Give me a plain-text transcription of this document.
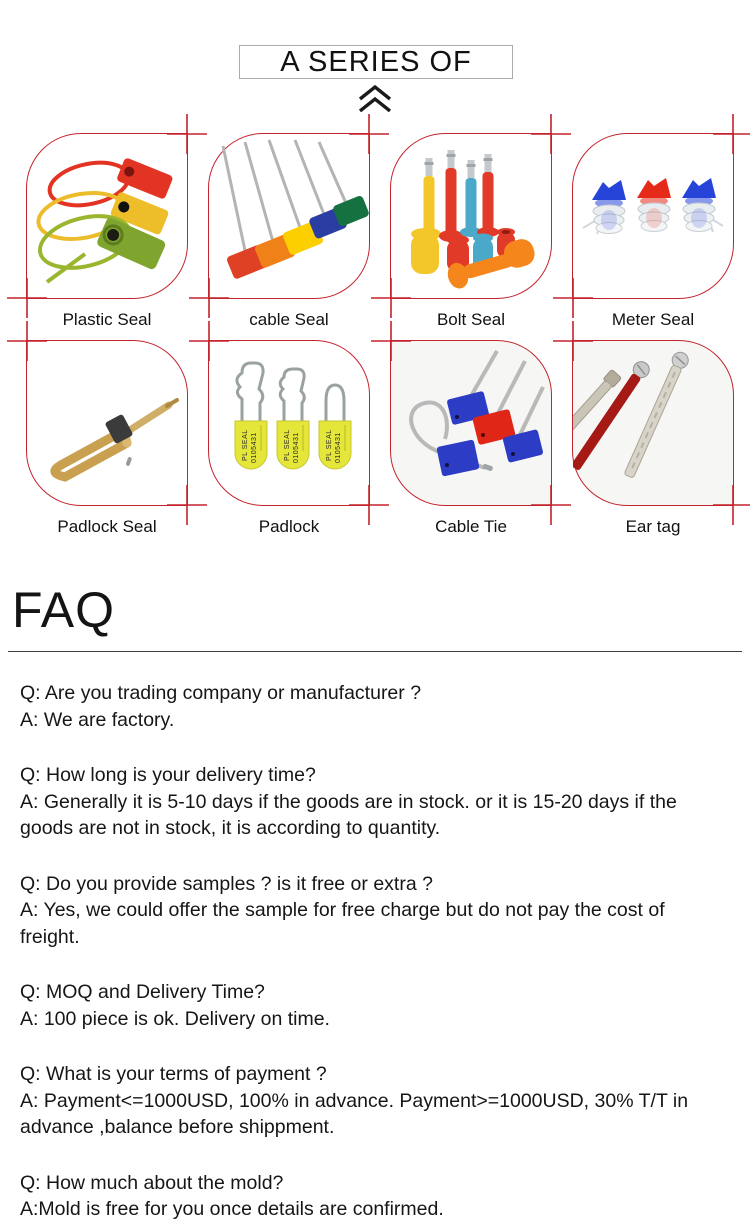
A SERIES OF
Plastic Seal	cable Seal	Bolt Seal	Meter Seal
Padlock Seal
PL SEAL 0105431	PL SEAL 0105431	PL SEAL 0105431
Padlock	Cable Tie	Ear tag
FAQ

Q: Are you trading company or manufacturer ?

A: We are factory.

Q: How long is your delivery time?

A: Generally it is 5-10 days if the goods are in stock. or it is 15-20 days if the goods are not in stock, it is according to quantity.

Q: Do you provide samples ? is it free or extra ?

A: Yes, we could offer the sample for free charge but do not pay the cost of freight.

Q: MOQ and Delivery Time?

A: 100 piece is ok. Delivery on time.

Q: What is your terms of payment ?

A: Payment<=1000USD, 100% in advance. Payment>=1000USD, 30% T/T in advance ,balance before shippment.

Q: How much about the mold?

A:Mold is free for you once details are confirmed.
